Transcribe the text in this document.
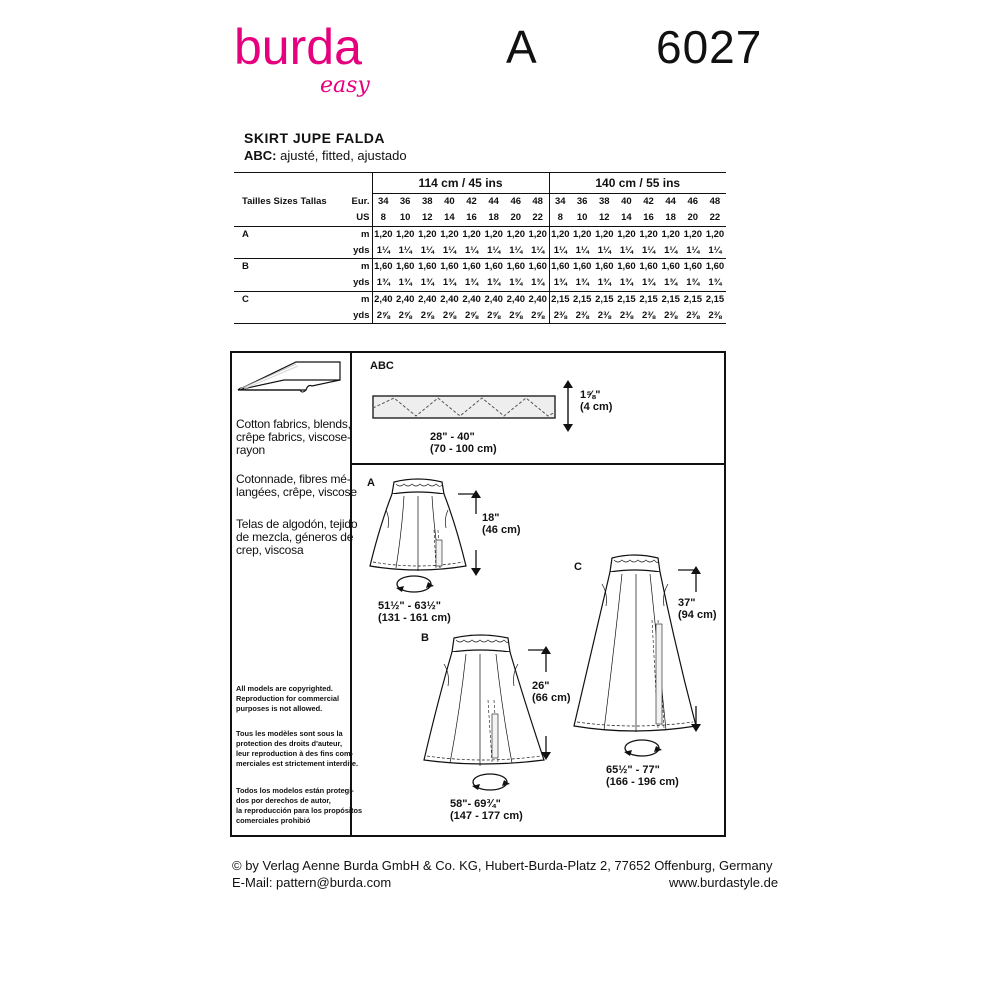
burda
easy
A	6027
SKIRT JUPE FALDA
ABC: ajusté, fitted, ajustado
		114 cm / 45 ins								140 cm / 55 ins							
Tailles Sizes Tallas	Eur.	34	36	38	40	42	44	46	48	34	36	38	40	42	44	46	48
	US	8	10	12	14	16	18	20	22	8	10	12	14	16	18	20	22
A	m	1,20	1,20	1,20	1,20	1,20	1,20	1,20	1,20	1,20	1,20	1,20	1,20	1,20	1,20	1,20	1,20
	yds	1¼	1¼	1¼	1¼	1¼	1¼	1¼	1¼	1¼	1¼	1¼	1¼	1¼	1¼	1¼	1¼
B	m	1,60	1,60	1,60	1,60	1,60	1,60	1,60	1,60	1,60	1,60	1,60	1,60	1,60	1,60	1,60	1,60
	yds	1¾	1¾	1¾	1¾	1¾	1¾	1¾	1¾	1¾	1¾	1¾	1¾	1¾	1¾	1¾	1¾
C	m	2,40	2,40	2,40	2,40	2,40	2,40	2,40	2,40	2,15	2,15	2,15	2,15	2,15	2,15	2,15	2,15
	yds	2⅝	2⅝	2⅝	2⅝	2⅝	2⅝	2⅝	2⅝	2⅜	2⅜	2⅜	2⅜	2⅜	2⅜	2⅜	2⅜
Cotton fabrics, blends,
crêpe fabrics, viscose-
rayon
Cotonnade, fibres mé-
langées, crêpe, viscose
Telas de algodón, tejido
de mezcla, géneros de
crep, viscosa
All models are copyrighted.
Reproduction for commercial
purposes is not allowed.
Tous les modèles sont sous la
protection des droits d'auteur,
leur reproduction à des fins com-
merciales est strictement interdite.
Todos los modelos están protegi-
dos por derechos de autor,
la reproducción para los propósitos
comerciales prohibió
ABC
1⅝"
(4 cm)
28" - 40"
(70 - 100 cm)
A
18"
(46 cm)
51½" - 63½"
(131 - 161 cm)
B
26"
(66 cm)
58"- 69¾"
(147 - 177 cm)
C
37"
(94 cm)
65½" - 77"
(166 - 196 cm)
© by Verlag Aenne Burda GmbH & Co. KG, Hubert-Burda-Platz 2, 77652 Offenburg, Germany
E-Mail: pattern@burda.com	www.burdastyle.de
